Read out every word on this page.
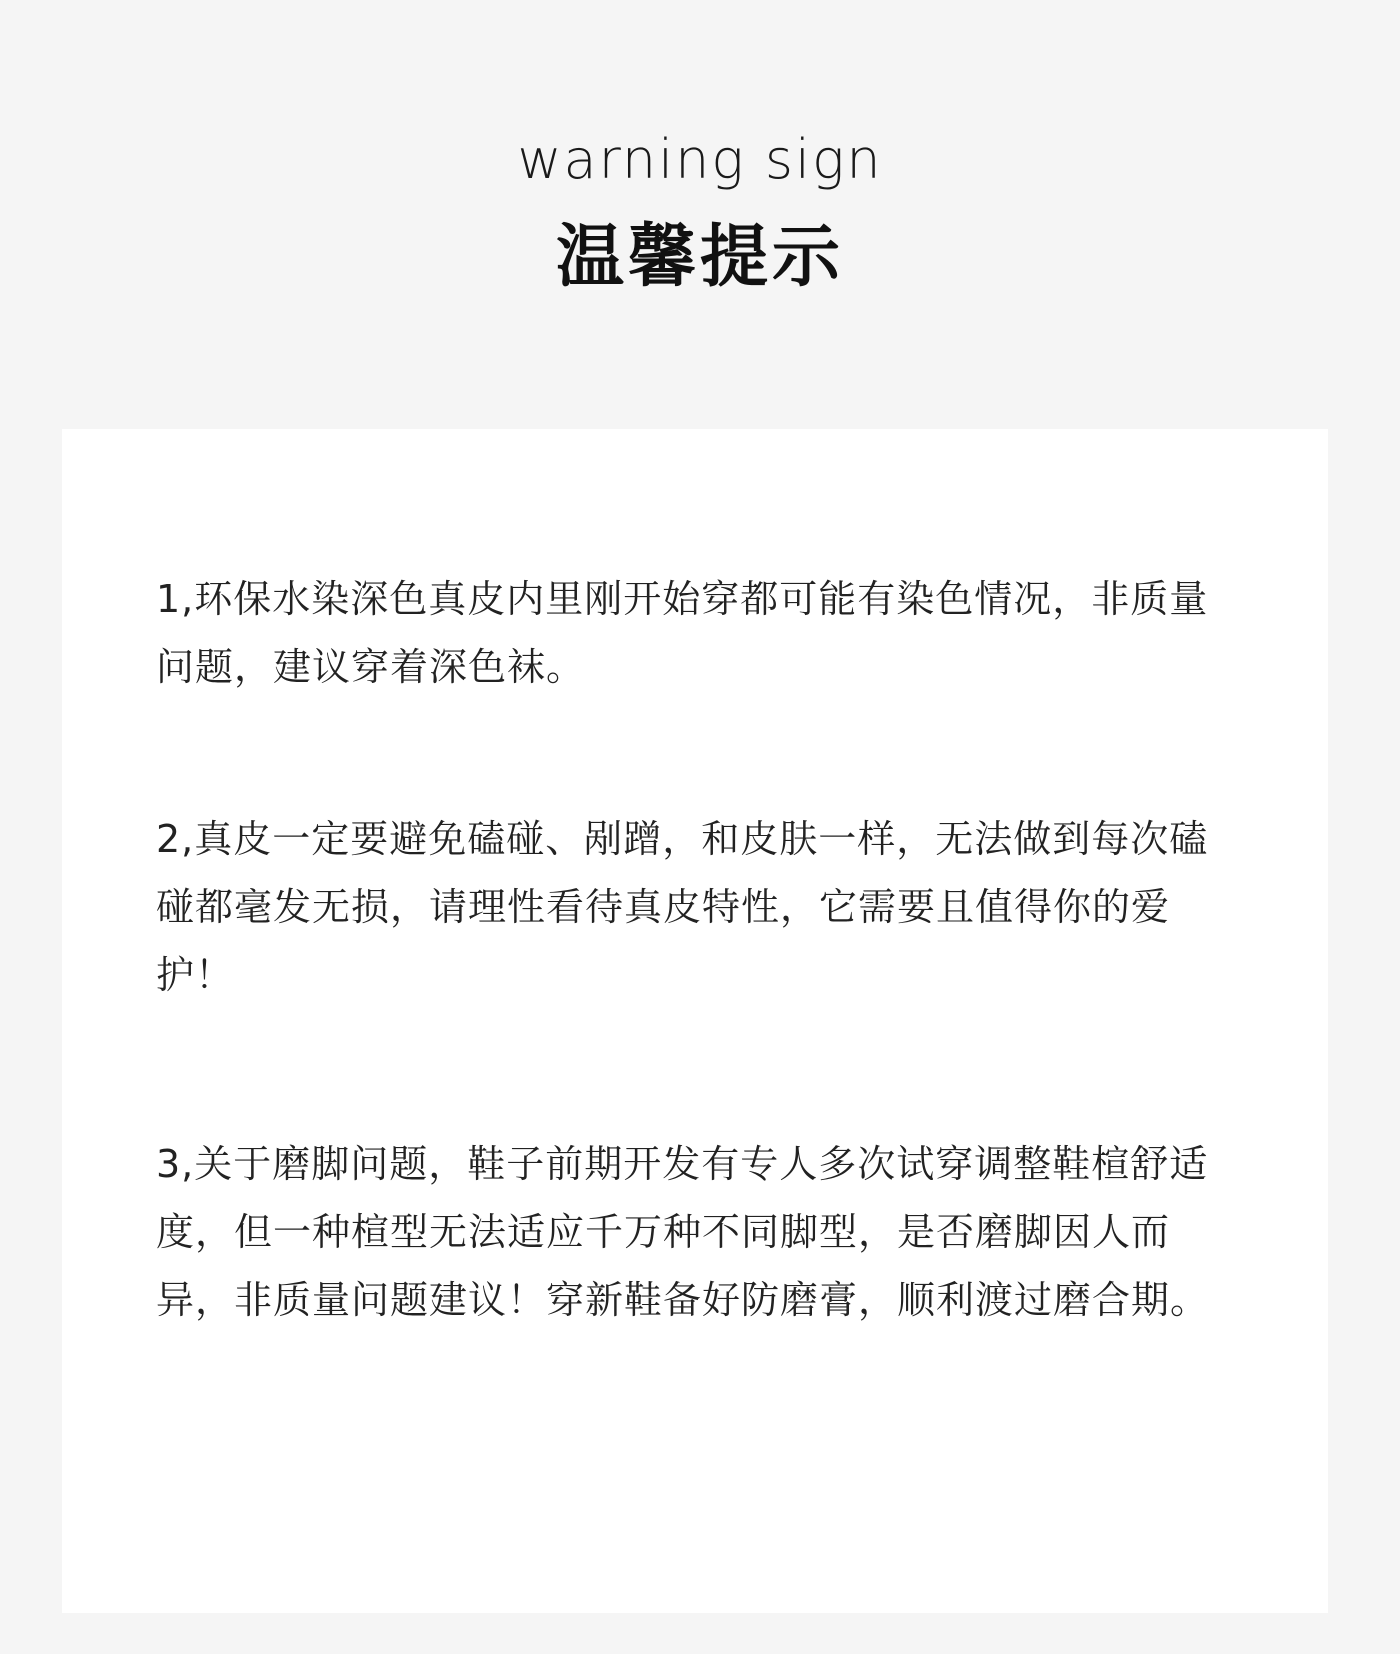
warning sign
温馨提示

1,环保水染深色真皮内里刚开始穿都可能有染色情况，非质量问题，建议穿着深色袜。

2,真皮一定要避免磕碰、剐蹭，和皮肤一样，无法做到每次磕碰都毫发无损，请理性看待真皮特性，它需要且值得你的爱护！

3,关于磨脚问题，鞋子前期开发有专人多次试穿调整鞋楦舒适度，但一种楦型无法适应千万种不同脚型，是否磨脚因人而异，非质量问题建议！穿新鞋备好防磨膏，顺利渡过磨合期。
